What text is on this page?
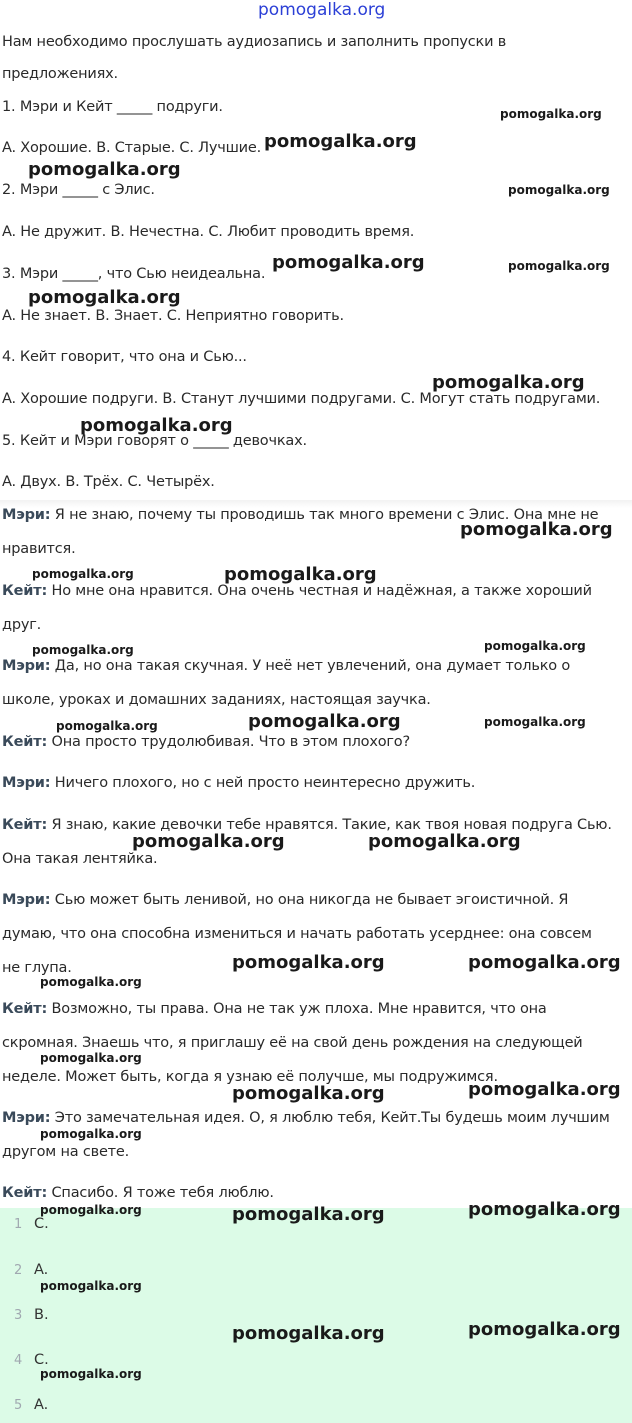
pomogalka.org
Нам необходимо прослушать аудиозапись и заполнить пропуски в
предложениях.
1. Мэри и Кейт _____ подруги.
A. Хорошие. B. Старые. C. Лучшие.
2. Мэри _____ с Элис.
A. Не дружит. B. Нечестна. C. Любит проводить время.
3. Мэри _____, что Сью неидеальна.
A. Не знает. B. Знает. C. Неприятно говорить.
4. Кейт говорит, что она и Сью...
A. Хорошие подруги. B. Станут лучшими подругами. C. Могут стать подругами.
5. Кейт и Мэри говорят о _____ девочках.
A. Двух. B. Трёх. C. Четырёх.
Мэри: Я не знаю, почему ты проводишь так много времени с Элис. Она мне не
нравится.
Кейт: Но мне она нравится. Она очень честная и надёжная, а также хороший
друг.
Мэри: Да, но она такая скучная. У неё нет увлечений, она думает только о
школе, уроках и домашних заданиях, настоящая заучка.
Кейт: Она просто трудолюбивая. Что в этом плохого?
Мэри: Ничего плохого, но с ней просто неинтересно дружить.
Кейт: Я знаю, какие девочки тебе нравятся. Такие, как твоя новая подруга Сью.
Она такая лентяйка.
Мэри: Сью может быть ленивой, но она никогда не бывает эгоистичной. Я
думаю, что она способна измениться и начать работать усерднее: она совсем
не глупа.
Кейт: Возможно, ты права. Она не так уж плоха. Мне нравится, что она
скромная. Знаешь что, я приглашу её на свой день рождения на следующей
неделе. Может быть, когда я узнаю её получше, мы подружимся.
Мэри: Это замечательная идея. О, я люблю тебя, Кейт.Ты будешь моим лучшим
другом на свете.
Кейт: Спасибо. Я тоже тебя люблю.
1 C.
2 A.
3 B.
4 C.
5 A.
pomogalka.org
pomogalka.org
pomogalka.org
pomogalka.org
pomogalka.org	pomogalka.org
pomogalka.org
pomogalka.org
pomogalka.org
pomogalka.org
pomogalka.org	pomogalka.org
pomogalka.org	pomogalka.org
pomogalka.org	pomogalka.org	pomogalka.org
pomogalka.org	pomogalka.org
pomogalka.org	pomogalka.org
pomogalka.org
pomogalka.org
pomogalka.org	pomogalka.org
pomogalka.org
pomogalka.org	pomogalka.org	pomogalka.org
pomogalka.org
pomogalka.org	pomogalka.org
pomogalka.org
